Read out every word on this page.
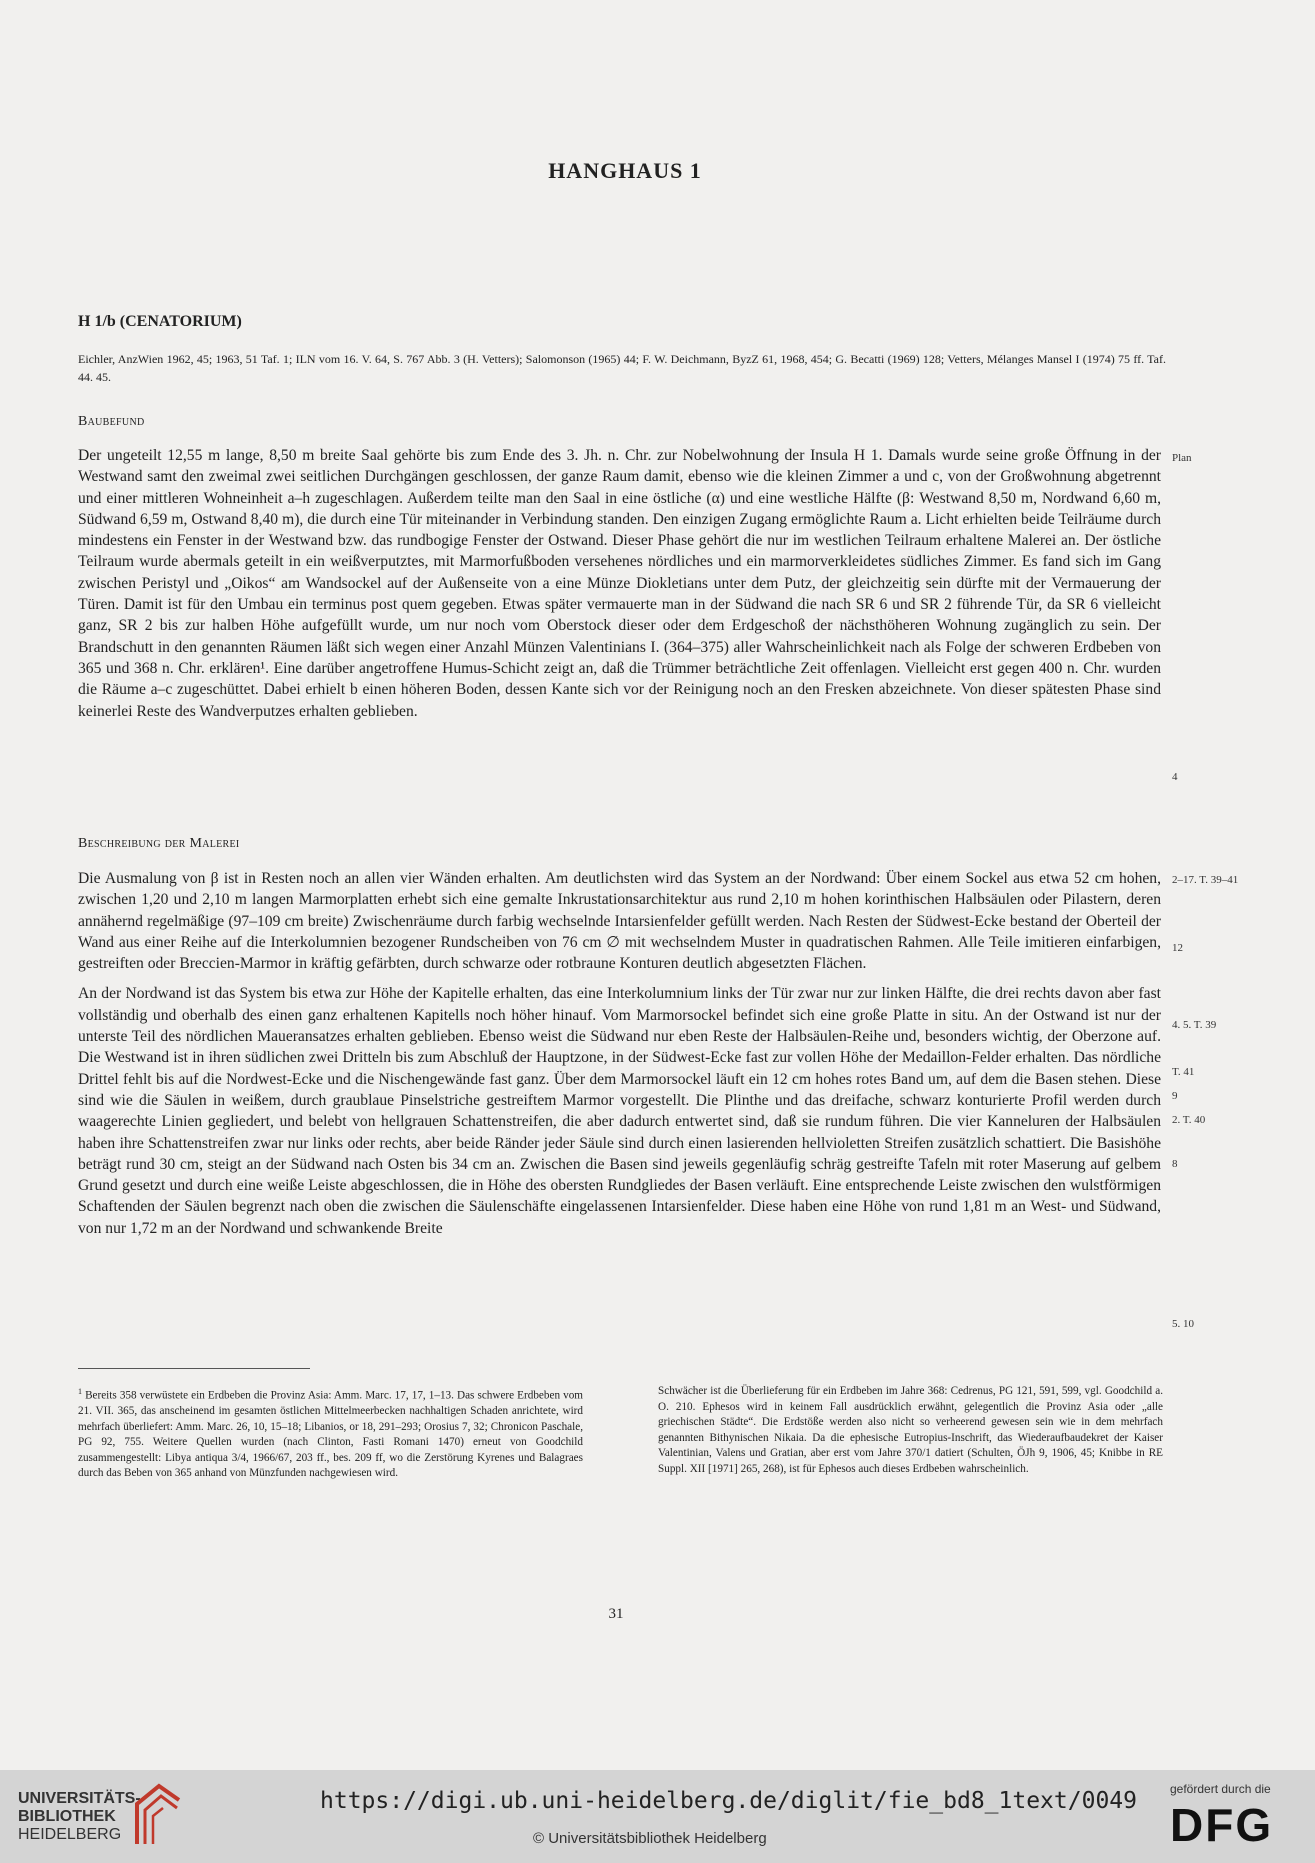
HANGHAUS 1
H 1/b (CENATORIUM)
Eichler, AnzWien 1962, 45; 1963, 51 Taf. 1; ILN vom 16. V. 64, S. 767 Abb. 3 (H. Vetters); Salomonson (1965) 44; F. W. Deichmann, ByzZ 61, 1968, 454; G. Becatti (1969) 128; Vetters, Mélanges Mansel I (1974) 75 ff. Taf. 44. 45.
Baubefund

Der ungeteilt 12,55 m lange, 8,50 m breite Saal gehörte bis zum Ende des 3. Jh. n. Chr. zur Nobelwohnung der Insula H 1. Damals wurde seine große Öffnung in der Westwand samt den zweimal zwei seitlichen Durchgängen geschlossen, der ganze Raum damit, ebenso wie die kleinen Zimmer a und c, von der Großwohnung abgetrennt und einer mittleren Wohneinheit a–h zugeschlagen. Außerdem teilte man den Saal in eine östliche (α) und eine westliche Hälfte (β: Westwand 8,50 m, Nordwand 6,60 m, Südwand 6,59 m, Ostwand 8,40 m), die durch eine Tür miteinander in Verbindung standen. Den einzigen Zugang ermöglichte Raum a. Licht erhielten beide Teilräume durch mindestens ein Fenster in der Westwand bzw. das rundbogige Fenster der Ostwand. Dieser Phase gehört die nur im westlichen Teilraum erhaltene Malerei an. Der östliche Teilraum wurde abermals geteilt in ein weißverputztes, mit Marmorfußboden versehenes nördliches und ein marmorverkleidetes südliches Zimmer. Es fand sich im Gang zwischen Peristyl und „Oikos“ am Wandsockel auf der Außenseite von a eine Münze Diokletians unter dem Putz, der gleichzeitig sein dürfte mit der Vermauerung der Türen. Damit ist für den Umbau ein terminus post quem gegeben. Etwas später vermauerte man in der Südwand die nach SR 6 und SR 2 führende Tür, da SR 6 vielleicht ganz, SR 2 bis zur halben Höhe aufgefüllt wurde, um nur noch vom Oberstock dieser oder dem Erdgeschoß der nächsthöheren Wohnung zugänglich zu sein. Der Brandschutt in den genannten Räumen läßt sich wegen einer Anzahl Münzen Valentinians I. (364–375) aller Wahrscheinlichkeit nach als Folge der schweren Erdbeben von 365 und 368 n. Chr. erklären¹. Eine darüber angetroffene Humus-Schicht zeigt an, daß die Trümmer beträchtliche Zeit offenlagen. Vielleicht erst gegen 400 n. Chr. wurden die Räume a–c zugeschüttet. Dabei erhielt b einen höheren Boden, dessen Kante sich vor der Reinigung noch an den Fresken abzeichnete. Von dieser spätesten Phase sind keinerlei Reste des Wandverputzes erhalten geblieben.

Beschreibung der Malerei

Die Ausmalung von β ist in Resten noch an allen vier Wänden erhalten. Am deutlichsten wird das System an der Nordwand: Über einem Sockel aus etwa 52 cm hohen, zwischen 1,20 und 2,10 m langen Marmorplatten erhebt sich eine gemalte Inkrustationsarchitektur aus rund 2,10 m hohen korinthischen Halbsäulen oder Pilastern, deren annähernd regelmäßige (97–109 cm breite) Zwischenräume durch farbig wechselnde Intarsienfelder gefüllt werden. Nach Resten der Südwest-Ecke bestand der Oberteil der Wand aus einer Reihe auf die Interkolumnien bezogener Rundscheiben von 76 cm ∅ mit wechselndem Muster in quadratischen Rahmen. Alle Teile imitieren einfarbigen, gestreiften oder Breccien-Marmor in kräftig gefärbten, durch schwarze oder rotbraune Konturen deutlich abgesetzten Flächen.

An der Nordwand ist das System bis etwa zur Höhe der Kapitelle erhalten, das eine Interkolumnium links der Tür zwar nur zur linken Hälfte, die drei rechts davon aber fast vollständig und oberhalb des einen ganz erhaltenen Kapitells noch höher hinauf. Vom Marmorsockel befindet sich eine große Platte in situ. An der Ostwand ist nur der unterste Teil des nördlichen Maueransatzes erhalten geblieben. Ebenso weist die Südwand nur eben Reste der Halbsäulen-Reihe und, besonders wichtig, der Oberzone auf. Die Westwand ist in ihren südlichen zwei Dritteln bis zum Abschluß der Hauptzone, in der Südwest-Ecke fast zur vollen Höhe der Medaillon-Felder erhalten. Das nördliche Drittel fehlt bis auf die Nordwest-Ecke und die Nischengewände fast ganz. Über dem Marmorsockel läuft ein 12 cm hohes rotes Band um, auf dem die Basen stehen. Diese sind wie die Säulen in weißem, durch graublaue Pinselstriche gestreiftem Marmor vorgestellt. Die Plinthe und das dreifache, schwarz konturierte Profil werden durch waagerechte Linien gegliedert, und belebt von hellgrauen Schattenstreifen, die aber dadurch entwertet sind, daß sie rundum führen. Die vier Kanneluren der Halbsäulen haben ihre Schattenstreifen zwar nur links oder rechts, aber beide Ränder jeder Säule sind durch einen lasierenden hellvioletten Streifen zusätzlich schattiert. Die Basishöhe beträgt rund 30 cm, steigt an der Südwand nach Osten bis 34 cm an. Zwischen die Basen sind jeweils gegenläufig schräg gestreifte Tafeln mit roter Maserung auf gelbem Grund gesetzt und durch eine weiße Leiste abgeschlossen, die in Höhe des obersten Rundgliedes der Basen verläuft. Eine entsprechende Leiste zwischen den wulstförmigen Schaftenden der Säulen begrenzt nach oben die zwischen die Säulenschäfte eingelassenen Intarsienfelder. Diese haben eine Höhe von rund 1,81 m an West- und Südwand, von nur 1,72 m an der Nordwand und schwankende Breite

Plan
4
2–17. T. 39–41
12
4. 5. T. 39
T. 41
9
2. T. 40
8
5. 10
$^1$ Bereits 358 verwüstete ein Erdbeben die Provinz Asia: Amm. Marc. 17, 17, 1–13. Das schwere Erdbeben vom 21. VII. 365, das anscheinend im gesamten östlichen Mittelmeerbecken nachhaltigen Schaden anrichtete, wird mehrfach überliefert: Amm. Marc. 26, 10, 15–18; Libanios, or 18, 291–293; Orosius 7, 32; Chronicon Paschale, PG 92, 755. Weitere Quellen wurden (nach Clinton, Fasti Romani 1470) erneut von Goodchild zusammengestellt: Libya antiqua 3/4, 1966/67, 203 ff., bes. 209 ff, wo die Zerstörung Kyrenes und Balagraes durch das Beben von 365 anhand von Münzfunden nachgewiesen wird.
Schwächer ist die Überlieferung für ein Erdbeben im Jahre 368: Cedrenus, PG 121, 591, 599, vgl. Goodchild a. O. 210. Ephesos wird in keinem Fall ausdrücklich erwähnt, gelegentlich die Provinz Asia oder „alle griechischen Städte“. Die Erdstöße werden also nicht so verheerend gewesen sein wie in dem mehrfach genannten Bithynischen Nikaia. Da die ephesische Eutropius-Inschrift, das Wiederaufbaudekret der Kaiser Valentinian, Valens und Gratian, aber erst vom Jahre 370/1 datiert (Schulten, ÖJh 9, 1906, 45; Knibbe in RE Suppl. XII [1971] 265, 268), ist für Ephesos auch dieses Erdbeben wahrscheinlich.
31
UNIVERSITÄTS-
BIBLIOTHEK
HEIDELBERG
https://digi.ub.uni-heidelberg.de/diglit/fie_bd8_1text/0049
© Universitätsbibliothek Heidelberg
gefördert durch die
DFG
